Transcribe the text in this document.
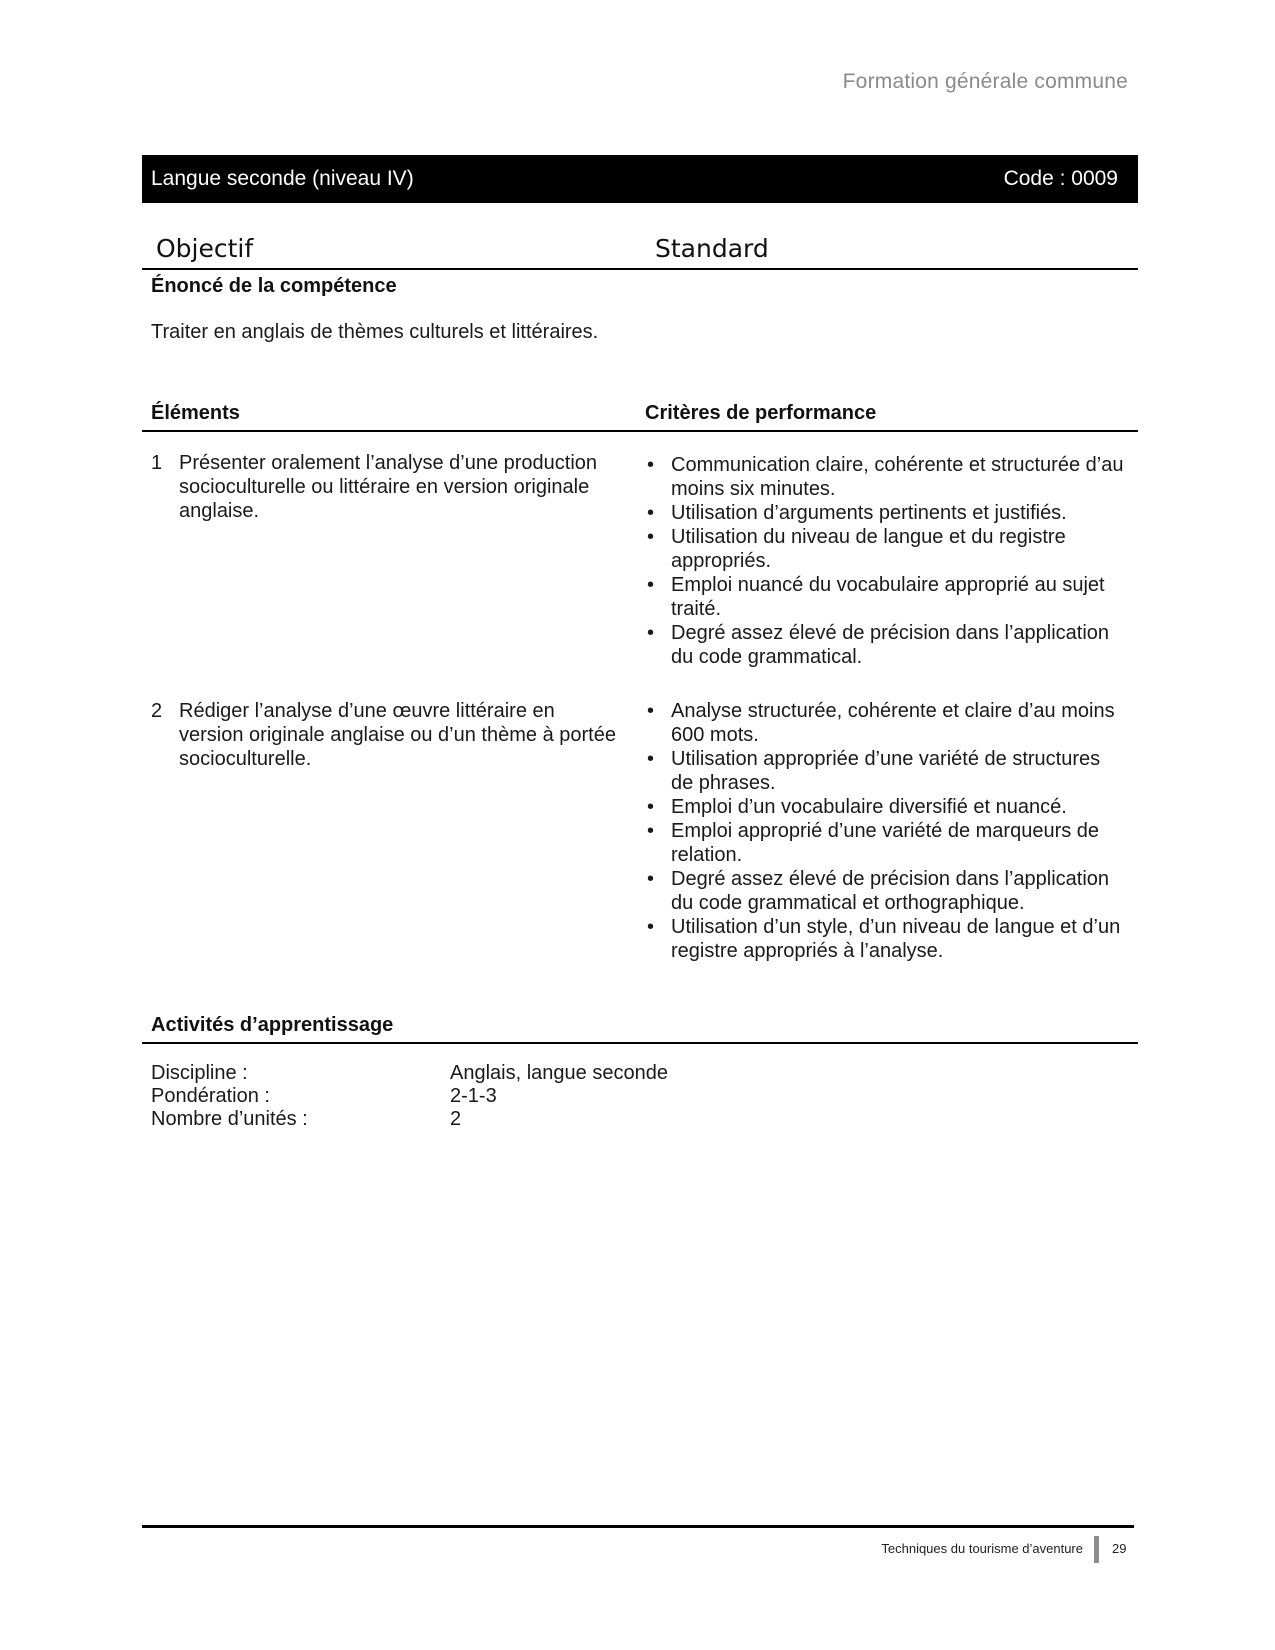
Formation générale commune
Langue seconde (niveau IV)	Code : 0009
Objectif	Standard
Énoncé de la compétence
Traiter en anglais de thèmes culturels et littéraires.
Éléments	Critères de performance
1 Présenter oralement l’analyse d’une production socioculturelle ou littéraire en version originale anglaise.
• Communication claire, cohérente et structurée d’au moins six minutes.
• Utilisation d’arguments pertinents et justifiés.
• Utilisation du niveau de langue et du registre appropriés.
• Emploi nuancé du vocabulaire approprié au sujet traité.
• Degré assez élevé de précision dans l’application du code grammatical.
2 Rédiger l’analyse d’une œuvre littéraire en version originale anglaise ou d’un thème à portée socioculturelle.
• Analyse structurée, cohérente et claire d’au moins 600 mots.
• Utilisation appropriée d’une variété de structures de phrases.
• Emploi d’un vocabulaire diversifié et nuancé.
• Emploi approprié d’une variété de marqueurs de relation.
• Degré assez élevé de précision dans l’application du code grammatical et orthographique.
• Utilisation d’un style, d’un niveau de langue et d’un registre appropriés à l’analyse.
Activités d’apprentissage
Discipline :	Anglais, langue seconde
Pondération :	2-1-3
Nombre d’unités :	2
Techniques du tourisme d’aventure 29
